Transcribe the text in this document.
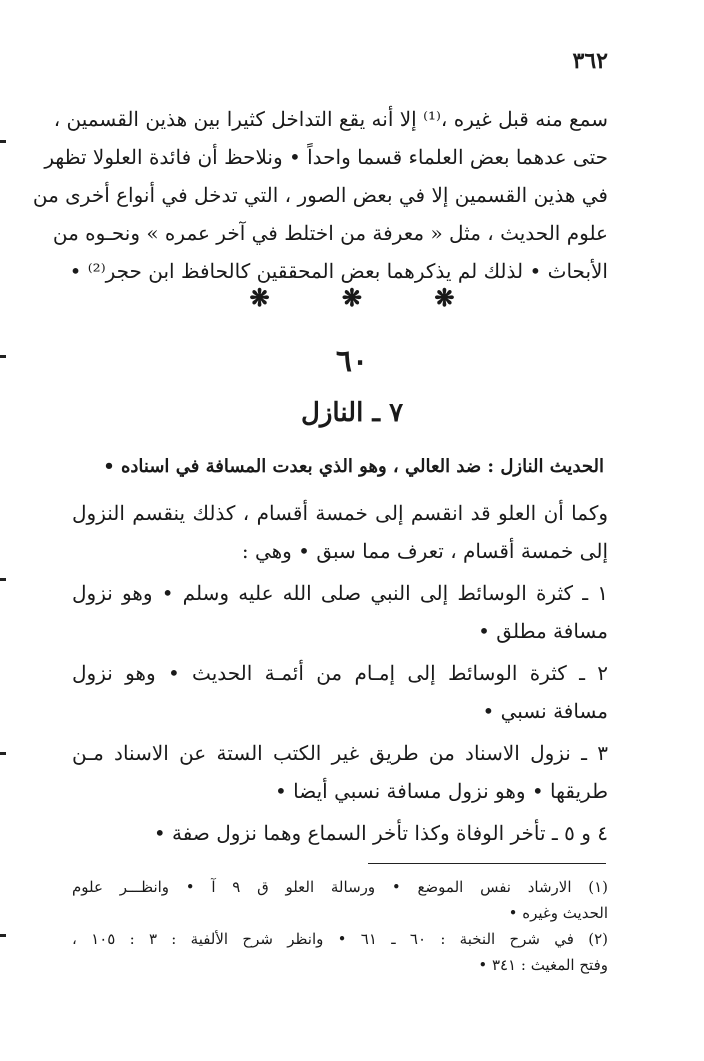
٣٦٢
سمع منه قبل غيره ،⁽¹⁾ إلا أنه يقع التداخل كثيرا بين هذين القسمين ،
حتى عدهما بعض العلماء قسما واحداً • ونلاحظ أن فائدة العلولا تظهر
في هذين القسمين إلا في بعض الصور ، التي تدخل في أنواع أخرى من
علوم الحديث ، مثل « معرفة من اختلط في آخر عمره » ونحـوه من
الأبحاث • لذلك لم يذكرهما بعض المحققين كالحافظ ابن حجر⁽²⁾ •
❋ ❋ ❋
٦٠
٧ ـ النازل
الحديث النازل : ضد العالي ، وهو الذي بعدت المسافة في اسناده •
وكما أن العلو قد انقسم إلى خمسة أقسام ، كذلك ينقسم النزول
إلى خمسة أقسام ، تعرف مما سبق • وهي :
١ ـ كثرة الوسائط إلى النبي صلى الله عليه وسلم • وهو نزول
مسافة مطلق •
٢ ـ كثرة الوسائط إلى إمـام من أئمـة الحديث • وهو نزول
مسافة نسبي •
٣ ـ نزول الاسناد من طريق غير الكتب الستة عن الاسناد مـن
طريقها • وهو نزول مسافة نسبي أيضا •
٤ و ٥ ـ تأخر الوفاة وكذا تأخر السماع وهما نزول صفة •
(١) الارشاد نفس الموضع • ورسالة العلو ق ٩ آ • وانظـــر علوم
الحديث وغيره •
(٢) في شرح النخبة : ٦٠ ـ ٦١ • وانظر شرح الألفية : ٣ : ١٠٥ ،
وفتح المغيث : ٣٤١ •
